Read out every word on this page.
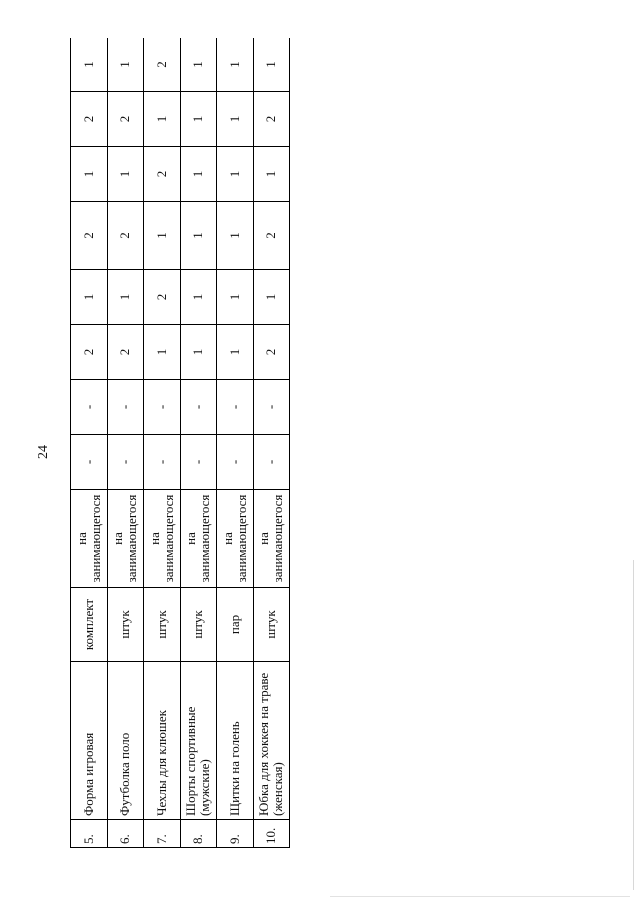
24
5.	Форма игровая	комплект	на занимающегося	-	-	2	1	2	1	2	1
6.	Футболка поло	штук	на занимающегося	-	-	2	1	2	1	2	1
7.	Чехлы для клюшек	штук	на занимающегося	-	-	1	2	1	2	1	2
8.	Шорты спортивные (мужские)	штук	на занимающегося	-	-	1	1	1	1	1	1
9.	Щитки на голень	пар	на занимающегося	-	-	1	1	1	1	1	1
10.	Юбка для хоккея на траве (женская)	штук	на занимающегося	-	-	2	1	2	1	2	1
